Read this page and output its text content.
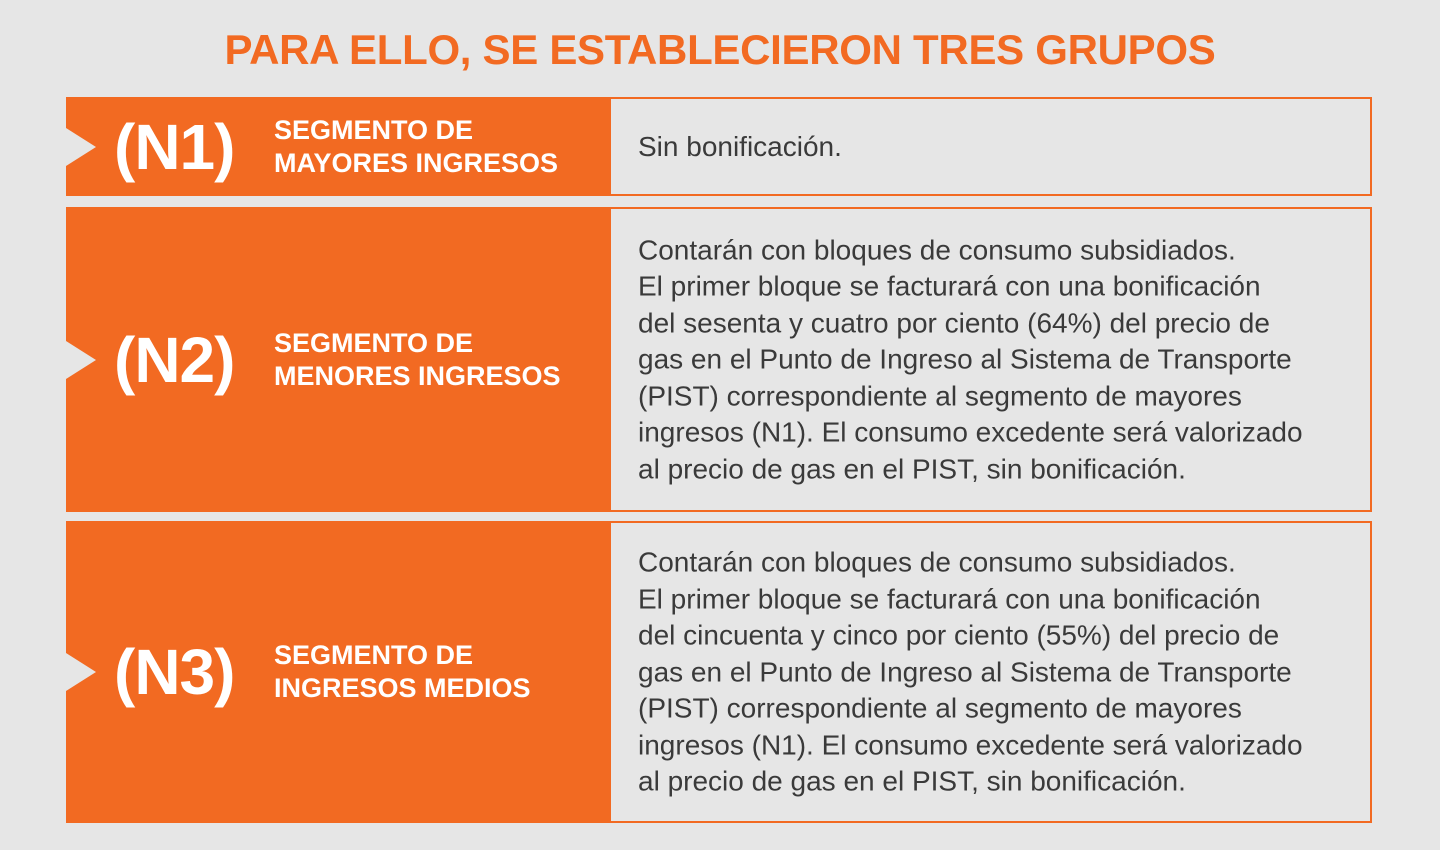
PARA ELLO, SE ESTABLECIERON TRES GRUPOS
(N1) SEGMENTO DE
MAYORES INGRESOS
Sin bonificación.
(N2) SEGMENTO DE
MENORES INGRESOS
Contarán con bloques de consumo subsidiados.
El primer bloque se facturará con una bonificación
del sesenta y cuatro por ciento (64%) del precio de
gas en el Punto de Ingreso al Sistema de Transporte
(PIST) correspondiente al segmento de mayores
ingresos (N1). El consumo excedente será valorizado
al precio de gas en el PIST, sin bonificación.
(N3) SEGMENTO DE
INGRESOS MEDIOS
Contarán con bloques de consumo subsidiados.
El primer bloque se facturará con una bonificación
del cincuenta y cinco por ciento (55%) del precio de
gas en el Punto de Ingreso al Sistema de Transporte
(PIST) correspondiente al segmento de mayores
ingresos (N1). El consumo excedente será valorizado
al precio de gas en el PIST, sin bonificación.
